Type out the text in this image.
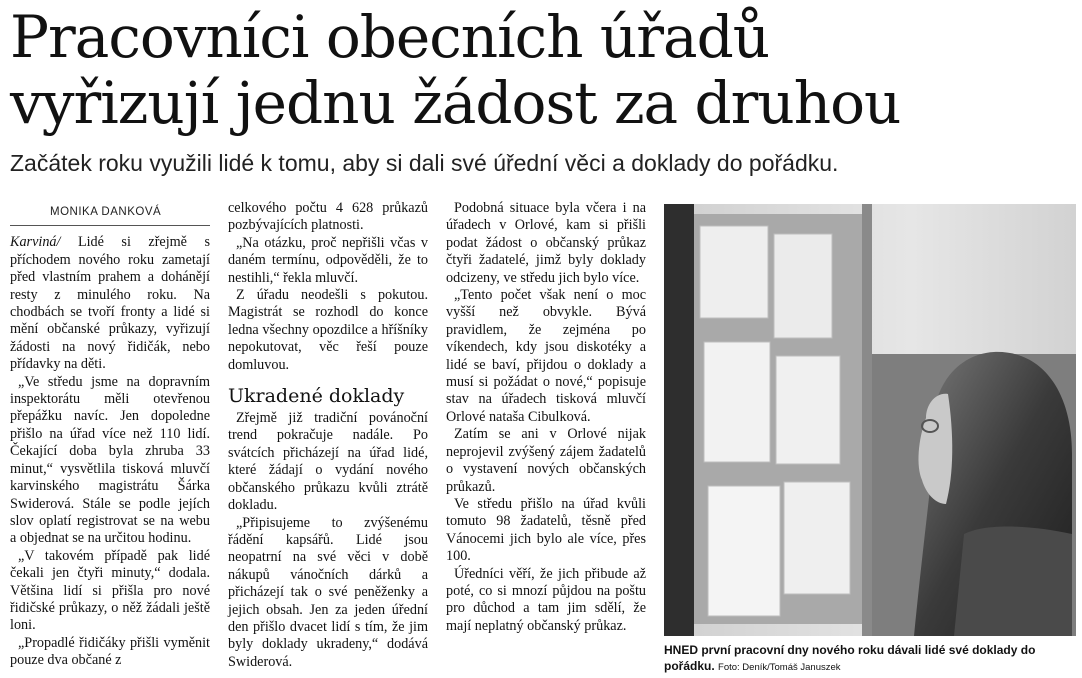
Pracovníci obecních úřadů
vyřizují jednu žádost za druhou
Začátek roku využili lidé k tomu, aby si dali své úřední věci a doklady do pořádku.
MONIKA DANKOVÁ

Karviná/ Lidé si zřejmě s příchodem nového roku zametají před vlastním prahem a dohánějí resty z minulého roku. Na chodbách se tvoří fronty a lidé si mění občanské průkazy, vyřizují žádosti na nový řidičák, nebo přídavky na děti.

„Ve středu jsme na dopravním inspektorátu měli otevřenou přepážku navíc. Jen dopoledne přišlo na úřad více než 110 lidí. Čekající doba byla zhruba 33 minut,“ vysvětlila tisková mluvčí karvinského magistrátu Šárka Swiderová. Stále se podle jejích slov oplatí registrovat se na webu a objednat se na určitou hodinu.

„V takovém případě pak lidé čekali jen čtyři minuty,“ dodala. Většina lidí si přišla pro nové řidičské průkazy, o něž žádali ještě loni.

„Propadlé řidičáky přišli vyměnit pouze dva občané z

celkového počtu 4 628 průkazů pozbývajících platnosti.

„Na otázku, proč nepřišli včas v daném termínu, odpověděli, že to nestihli,“ řekla mluvčí.

Z úřadu neodešli s pokutou. Magistrát se rozhodl do konce ledna všechny opozdilce a hříšníky nepokutovat, věc řeší pouze domluvou.

Ukradené doklady

Zřejmě již tradiční povánoční trend pokračuje nadále. Po svátcích přicházejí na úřad lidé, které žádají o vydání nového občanského průkazu kvůli ztrátě dokladu.

„Připisujeme to zvýšenému řádění kapsářů. Lidé jsou neopatrní na své věci v době nákupů vánočních dárků a přicházejí tak o své peněženky a jejich obsah. Jen za jeden úřední den přišlo dvacet lidí s tím, že jim byly doklady ukradeny,“ dodává Swiderová.

Podobná situace byla včera i na úřadech v Orlové, kam si přišli podat žádost o občanský průkaz čtyři žadatelé, jimž byly doklady odcizeny, ve středu jich bylo více.

„Tento počet však není o moc vyšší než obvykle. Bývá pravidlem, že zejména po víkendech, kdy jsou diskotéky a lidé se baví, přijdou o doklady a musí si požádat o nové,“ popisuje stav na úřadech tisková mluvčí Orlové nataša Cibulková.

Zatím se ani v Orlové nijak neprojevil zvýšený zájem žadatelů o vystavení nových občanských průkazů.

Ve středu přišlo na úřad kvůli tomuto 98 žadatelů, těsně před Vánocemi jich bylo ale více, přes 100.

Úředníci věří, že jich přibude až poté, co si mnozí půjdou na poštu pro důchod a tam jim sdělí, že mají neplatný občanský průkaz.

HNED první pracovní dny nového roku dávali lidé své doklady do pořádku. Foto: Deník/Tomáš Januszek
